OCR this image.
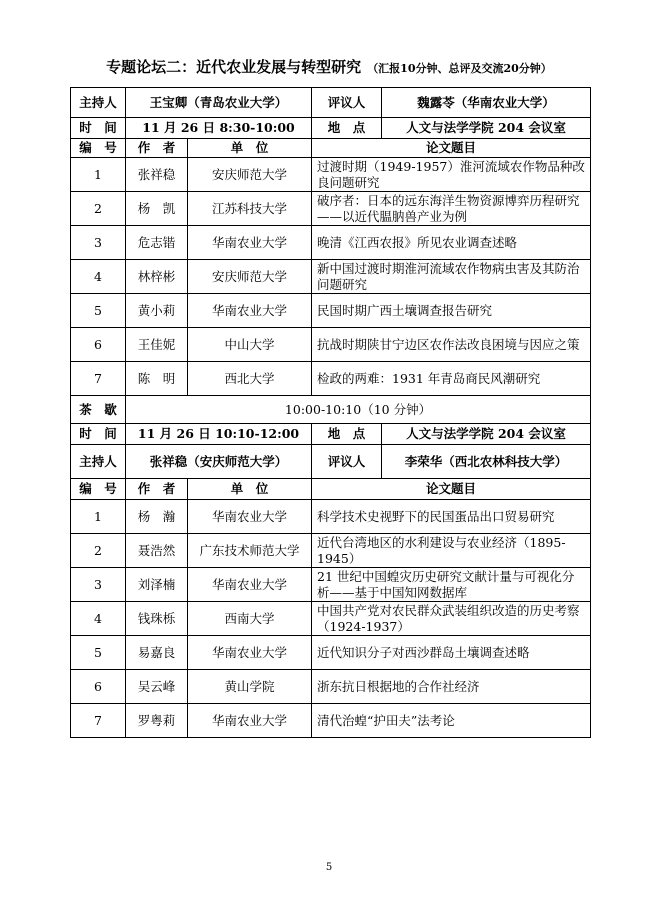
专题论坛二：近代农业发展与转型研究 （汇报10分钟、总评及交流20分钟）
主持人	王宝卿（青岛农业大学）		评议人	魏露苓（华南农业大学）
时　间	11 月 26 日 8:30-10:00		地　点	人文与法学学院 204 会议室
编　号	作　者	单　位	论文题目	
1	张祥稳	安庆师范大学	过渡时期（1949-1957）淮河流域农作物品种改良问题研究	
2	杨　凯	江苏科技大学	破序者：日本的远东海洋生物资源博弈历程研究——以近代腽肭兽产业为例	
3	危志锴	华南农业大学	晚清《江西农报》所见农业调查述略	
4	林梓彬	安庆师范大学	新中国过渡时期淮河流域农作物病虫害及其防治问题研究	
5	黄小莉	华南农业大学	民国时期广西土壤调查报告研究	
6	王佳妮	中山大学	抗战时期陕甘宁边区农作法改良困境与因应之策	
7	陈　明	西北大学	检政的两难：1931 年青岛商民风潮研究	
茶　歇	10:00-10:10（10 分钟）			
时　间	11 月 26 日 10:10-12:00		地　点	人文与法学学院 204 会议室
主持人	张祥稳（安庆师范大学）		评议人	李荣华（西北农林科技大学）
编　号	作　者	单　位	论文题目	
1	杨　瀚	华南农业大学	科学技术史视野下的民国蛋品出口贸易研究	
2	聂浩然	广东技术师范大学	近代台湾地区的水利建设与农业经济（1895-1945）	
3	刘泽楠	华南农业大学	21 世纪中国蝗灾历史研究文献计量与可视化分析——基于中国知网数据库	
4	钱珠栎	西南大学	中国共产党对农民群众武装组织改造的历史考察（1924-1937）	
5	易嘉良	华南农业大学	近代知识分子对西沙群岛土壤调查述略	
6	吴云峰	黄山学院	浙东抗日根据地的合作社经济	
7	罗粤莉	华南农业大学	清代治蝗“护田夫”法考论	
5
